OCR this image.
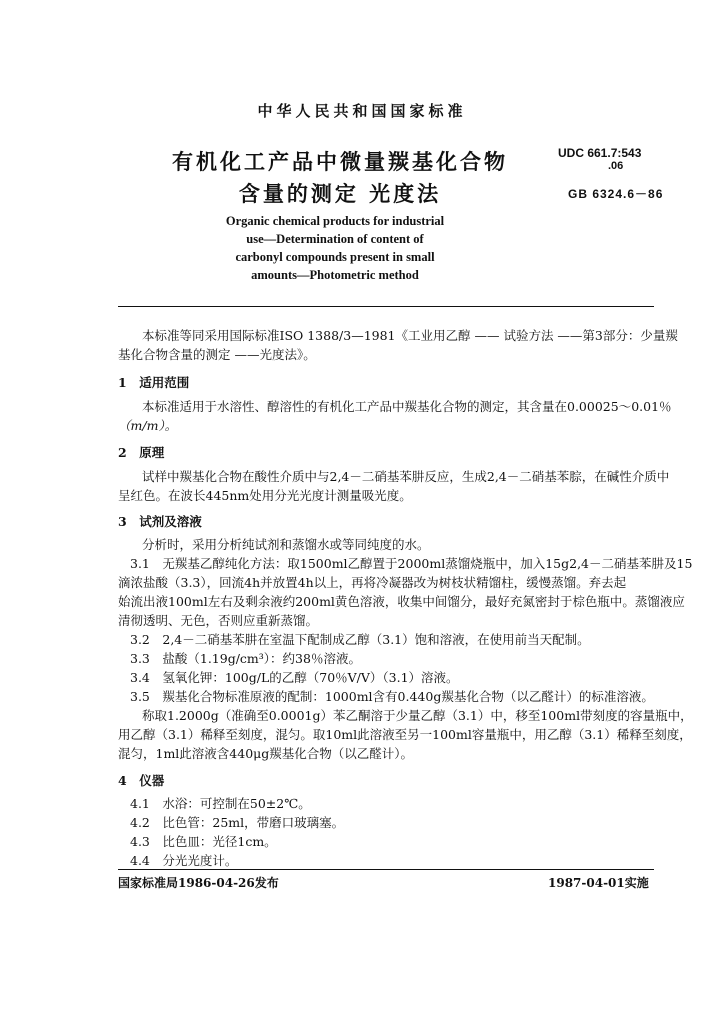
中华人民共和国国家标准
有机化工产品中微量羰基化合物
含量的测定 光度法
UDC 661.7:543
.06
GB 6324.6－86
Organic chemical products for industrial
use—Determination of content of
carbonyl compounds present in small
amounts—Photometric method
本标准等同采用国际标准ISO 1388/3—1981《工业用乙醇 —— 试验方法 ——第3部分：少量羰
基化合物含量的测定 ——光度法》。
1　适用范围
本标准适用于水溶性、醇溶性的有机化工产品中羰基化合物的测定，其含量在0.00025～0.01％
（m/m）。
2　原理
试样中羰基化合物在酸性介质中与2,4－二硝基苯肼反应，生成2,4－二硝基苯腙，在碱性介质中
呈红色。在波长445nm处用分光光度计测量吸光度。
3　试剂及溶液
分析时，采用分析纯试剂和蒸馏水或等同纯度的水。
3.1　无羰基乙醇纯化方法：取1500ml乙醇置于2000ml蒸馏烧瓶中，加入15g2,4－二硝基苯肼及15
滴浓盐酸（3.3），回流4h并放置4h以上，再将冷凝器改为树枝状精馏柱，缓慢蒸馏。弃去起
始流出液100ml左右及剩余液约200ml黄色溶液，收集中间馏分，最好充氮密封于棕色瓶中。蒸馏液应
清彻透明、无色，否则应重新蒸馏。
3.2　2,4－二硝基苯肼在室温下配制成乙醇（3.1）饱和溶液，在使用前当天配制。
3.3　盐酸（1.19g/cm³）：约38％溶液。
3.4　氢氧化钾：100g/L的乙醇（70％V/V）（3.1）溶液。
3.5　羰基化合物标准原液的配制：1000ml含有0.440g羰基化合物（以乙醛计）的标准溶液。
称取1.2000g（准确至0.0001g）苯乙酮溶于少量乙醇（3.1）中，移至100ml带刻度的容量瓶中，
用乙醇（3.1）稀释至刻度，混匀。取10ml此溶液至另一100ml容量瓶中，用乙醇（3.1）稀释至刻度，
混匀，1ml此溶液含440μg羰基化合物（以乙醛计）。
4　仪器
4.1　水浴：可控制在50±2℃。
4.2　比色管：25ml，带磨口玻璃塞。
4.3　比色皿：光径1cm。
4.4　分光光度计。
国家标准局1986-04-26发布	1987-04-01实施
